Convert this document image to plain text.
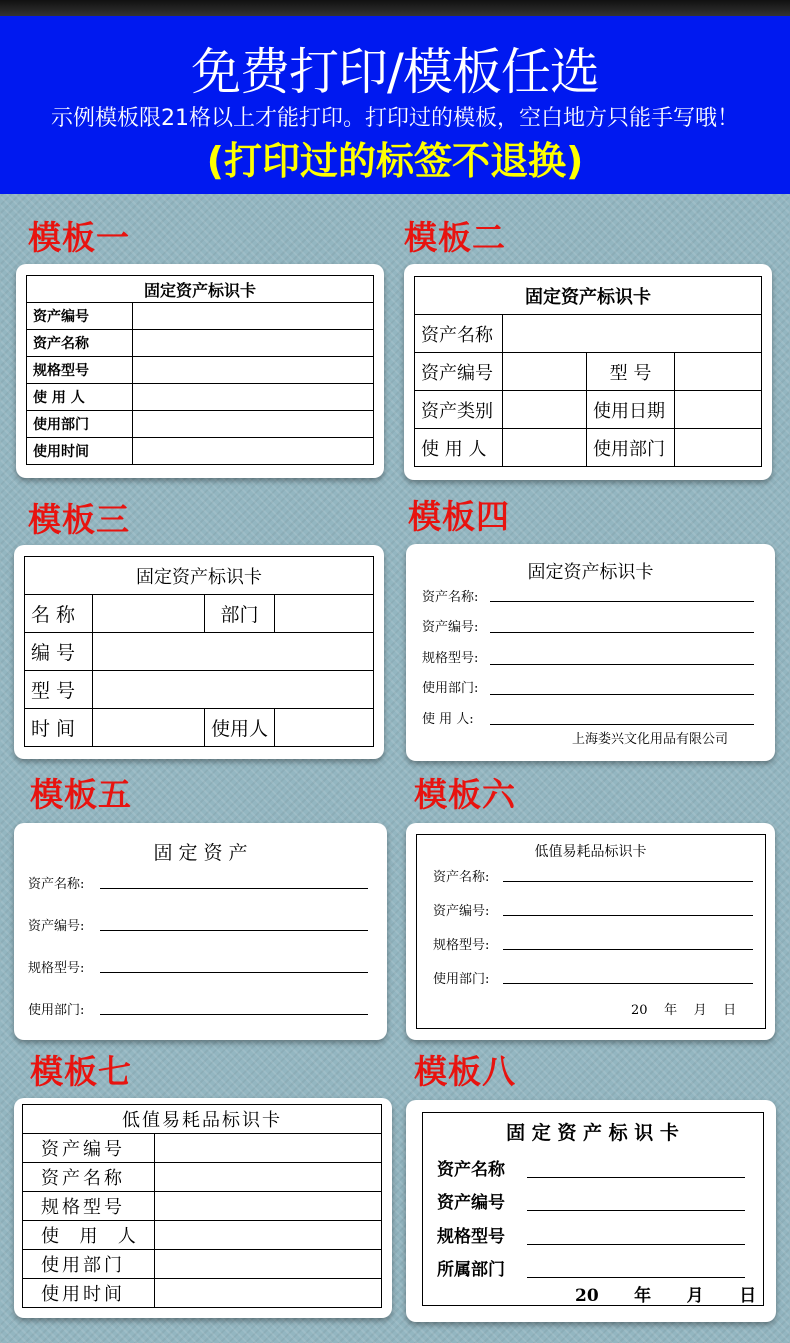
免费打印/模板任选
示例模板限21格以上才能打印。打印过的模板，空白地方只能手写哦！
(打印过的标签不退换)
模板一
固定资产标识卡	
资产编号	
资产名称	
规格型号	
使 用 人	
使用部门	
使用时间	
模板二
固定资产标识卡			
资产名称			
资产编号		型 号	
资产类别		使用日期	
使 用 人		使用部门	
模板三
固定资产标识卡			
名 称		部门	
编 号			
型 号			
时 间		使用人	
模板四
固定资产标识卡
资产名称:
资产编号:
规格型号:
使用部门:
使 用 人:
上海娄兴文化用品有限公司
模板五
固 定 资 产
资产名称:
资产编号:
规格型号:
使用部门:
模板六
低值易耗品标识卡
资产名称:
资产编号:
规格型号:
使用部门:
20    年    月    日
模板七
低值易耗品标识卡	
资产编号	
资产名称	
规格型号	
使  用  人	
使用部门	
使用时间	
模板八
固 定 资 产 标 识 卡
资产名称
资产编号
规格型号
所属部门
20      年      月      日
